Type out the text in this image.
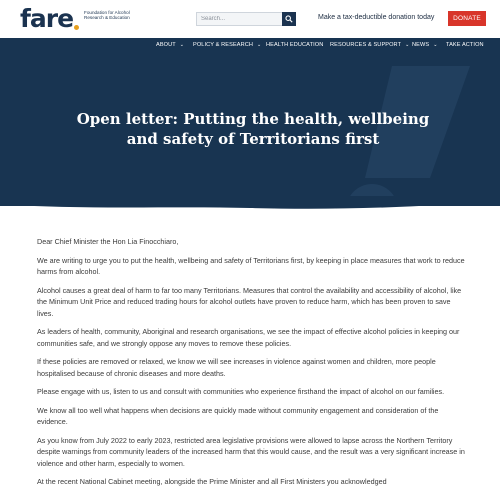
fare Foundation for Alcohol Research & Education
Search...	Make a tax-deductible donation today	DONATE
ABOUT ⌄ POLICY & RESEARCH ⌄ HEALTH EDUCATION RESOURCES & SUPPORT ⌄ NEWS ⌄ TAKE ACTION
Open letter: Putting the health, wellbeing
and safety of Territorians first

Dear Chief Minister the Hon Lia Finocchiaro,

We are writing to urge you to put the health, wellbeing and safety of Territorians first, by keeping in place measures that work to reduce harms from alcohol.

Alcohol causes a great deal of harm to far too many Territorians. Measures that control the availability and accessibility of alcohol, like the Minimum Unit Price and reduced trading hours for alcohol outlets have proven to reduce harm, which has been proven to save lives.

As leaders of health, community, Aboriginal and research organisations, we see the impact of effective alcohol policies in keeping our communities safe, and we strongly oppose any moves to remove these policies.

If these policies are removed or relaxed, we know we will see increases in violence against women and children, more people hospitalised because of chronic diseases and more deaths.

Please engage with us, listen to us and consult with communities who experience firsthand the impact of alcohol on our families.

We know all too well what happens when decisions are quickly made without community engagement and consideration of the evidence.

As you know from July 2022 to early 2023, restricted area legislative provisions were allowed to lapse across the Northern Territory despite warnings from community leaders of the increased harm that this would cause, and the result was a very significant increase in violence and other harm, especially to women.

At the recent National Cabinet meeting, alongside the Prime Minister and all First Ministers you acknowledged
